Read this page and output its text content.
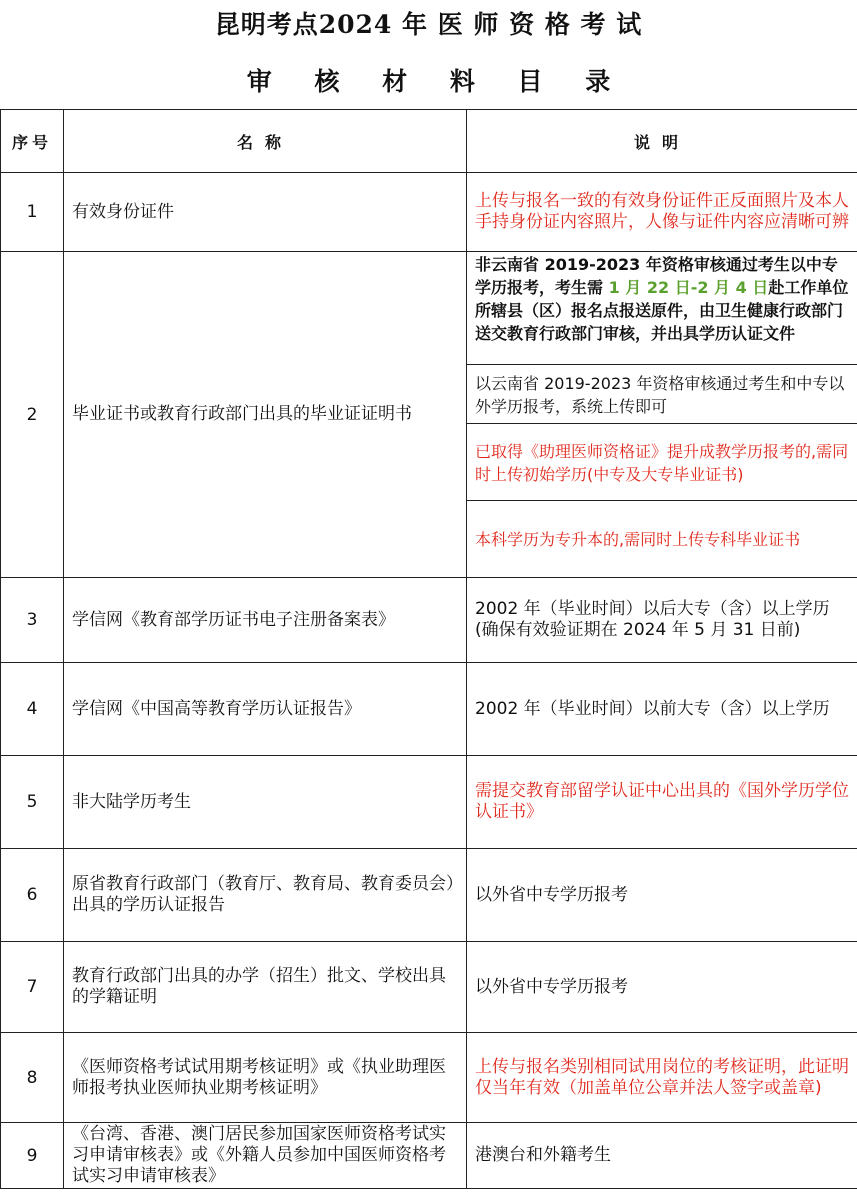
昆明考点2024 年 医 师 资 格 考 试
审 核 材 料 目 录
序号	名称	说明
1	有效身份证件	上传与报名一致的有效身份证件正反面照片及本人手持身份证内容照片，人像与证件内容应清晰可辨
2	毕业证书或教育行政部门出具的毕业证证明书	非云南省 2019-2023 年资格审核通过考生以中专学历报考，考生需 1 月 22 日-2 月 4 日赴工作单位所辖县（区）报名点报送原件，由卫生健康行政部门送交教育行政部门审核，并出具学历认证文件
以云南省 2019-2023 年资格审核通过考生和中专以外学历报考，系统上传即可
已取得《助理医师资格证》提升成教学历报考的,需同时上传初始学历(中专及大专毕业证书)
本科学历为专升本的,需同时上传专科毕业证书

3	学信网《教育部学历证书电子注册备案表》	2002 年（毕业时间）以后大专（含）以上学历(确保有效验证期在 2024 年 5 月 31 日前)
4	学信网《中国高等教育学历认证报告》	2002 年（毕业时间）以前大专（含）以上学历
5	非大陆学历考生	需提交教育部留学认证中心出具的《国外学历学位认证书》
6	原省教育行政部门（教育厅、教育局、教育委员会）出具的学历认证报告	以外省中专学历报考
7	教育行政部门出具的办学（招生）批文、学校出具的学籍证明	以外省中专学历报考
8	《医师资格考试试用期考核证明》或《执业助理医师报考执业医师执业期考核证明》	上传与报名类别相同试用岗位的考核证明，此证明仅当年有效（加盖单位公章并法人签字或盖章)
9	《台湾、香港、澳门居民参加国家医师资格考试实习申请审核表》或《外籍人员参加中国医师资格考试实习申请审核表》	港澳台和外籍考生
